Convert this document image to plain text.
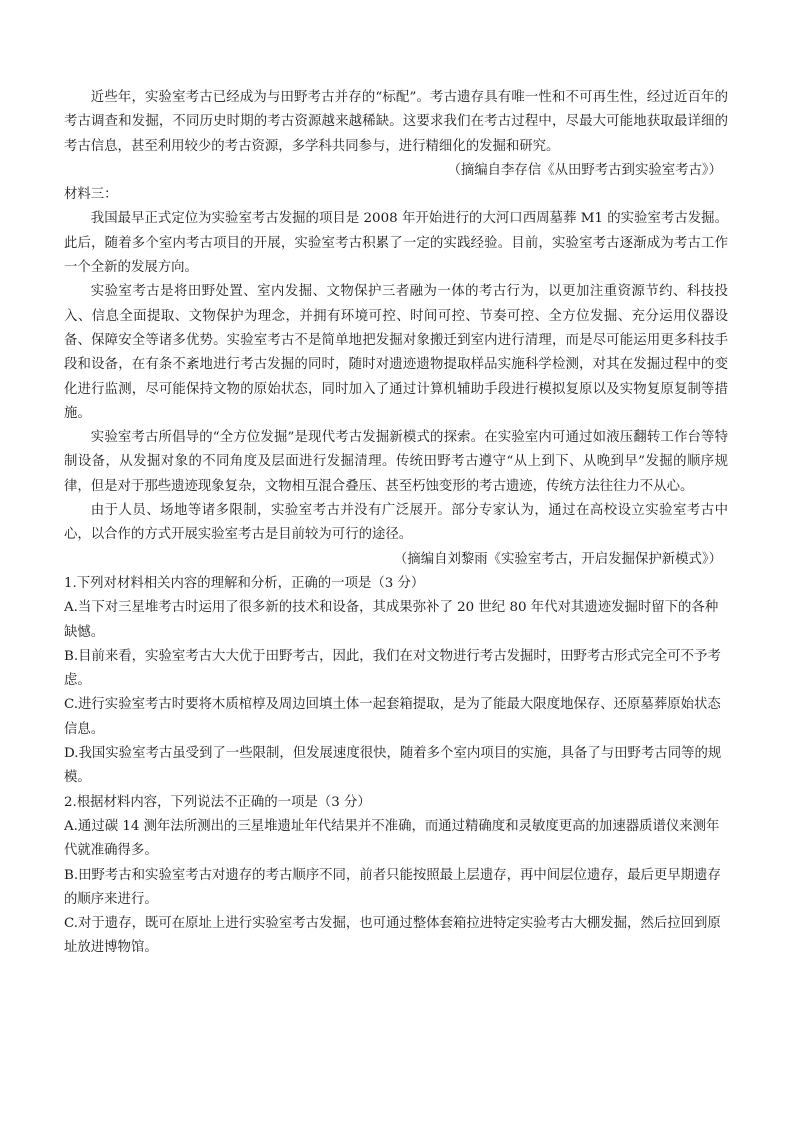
近些年，实验室考古已经成为与田野考古并存的“标配”。考古遗存具有唯一性和不可再生性，经过近百年的考古调查和发掘，不同历史时期的考古资源越来越稀缺。这要求我们在考古过程中，尽最大可能地获取最详细的考古信息，甚至利用较少的考古资源，多学科共同参与，进行精细化的发掘和研究。

（摘编自李存信《从田野考古到实验室考古》）

材料三：

我国最早正式定位为实验室考古发掘的项目是 2008 年开始进行的大河口西周墓葬 M1 的实验室考古发掘。此后，随着多个室内考古项目的开展，实验室考古积累了一定的实践经验。目前，实验室考古逐渐成为考古工作一个全新的发展方向。

实验室考古是将田野处置、室内发掘、文物保护三者融为一体的考古行为，以更加注重资源节约、科技投入、信息全面提取、文物保护为理念，并拥有环境可控、时间可控、节奏可控、全方位发掘、充分运用仪器设备、保障安全等诸多优势。实验室考古不是简单地把发掘对象搬迁到室内进行清理，而是尽可能运用更多科技手段和设备，在有条不紊地进行考古发掘的同时，随时对遗迹遗物提取样品实施科学检测，对其在发掘过程中的变化进行监测，尽可能保持文物的原始状态，同时加入了通过计算机辅助手段进行模拟复原以及实物复原复制等措施。

实验室考古所倡导的“全方位发掘”是现代考古发掘新模式的探索。在实验室内可通过如液压翻转工作台等特制设备，从发掘对象的不同角度及层面进行发掘清理。传统田野考古遵守“从上到下、从晚到早”发掘的顺序规律，但是对于那些遗迹现象复杂，文物相互混合叠压、甚至朽蚀变形的考古遗迹，传统方法往往力不从心。

由于人员、场地等诸多限制，实验室考古并没有广泛展开。部分专家认为，通过在高校设立实验室考古中心，以合作的方式开展实验室考古是目前较为可行的途径。

（摘编自刘黎雨《实验室考古，开启发掘保护新模式》）

1.下列对材料相关内容的理解和分析，正确的一项是（3 分）

A.当下对三星堆考古时运用了很多新的技术和设备，其成果弥补了 20 世纪 80 年代对其遗迹发掘时留下的各种缺憾。

B.目前来看，实验室考古大大优于田野考古，因此，我们在对文物进行考古发掘时，田野考古形式完全可不予考虑。

C.进行实验室考古时要将木质棺椁及周边回填土体一起套箱提取，是为了能最大限度地保存、还原墓葬原始状态信息。

D.我国实验室考古虽受到了一些限制，但发展速度很快，随着多个室内项目的实施，具备了与田野考古同等的规模。

2.根据材料内容，下列说法不正确的一项是（3 分）

A.通过碳 14 测年法所测出的三星堆遗址年代结果并不准确，而通过精确度和灵敏度更高的加速器质谱仪来测年代就准确得多。

B.田野考古和实验室考古对遗存的考古顺序不同，前者只能按照最上层遗存，再中间层位遗存，最后更早期遗存的顺序来进行。

C.对于遗存，既可在原址上进行实验室考古发掘，也可通过整体套箱拉进特定实验考古大棚发掘，然后拉回到原址放进博物馆。
